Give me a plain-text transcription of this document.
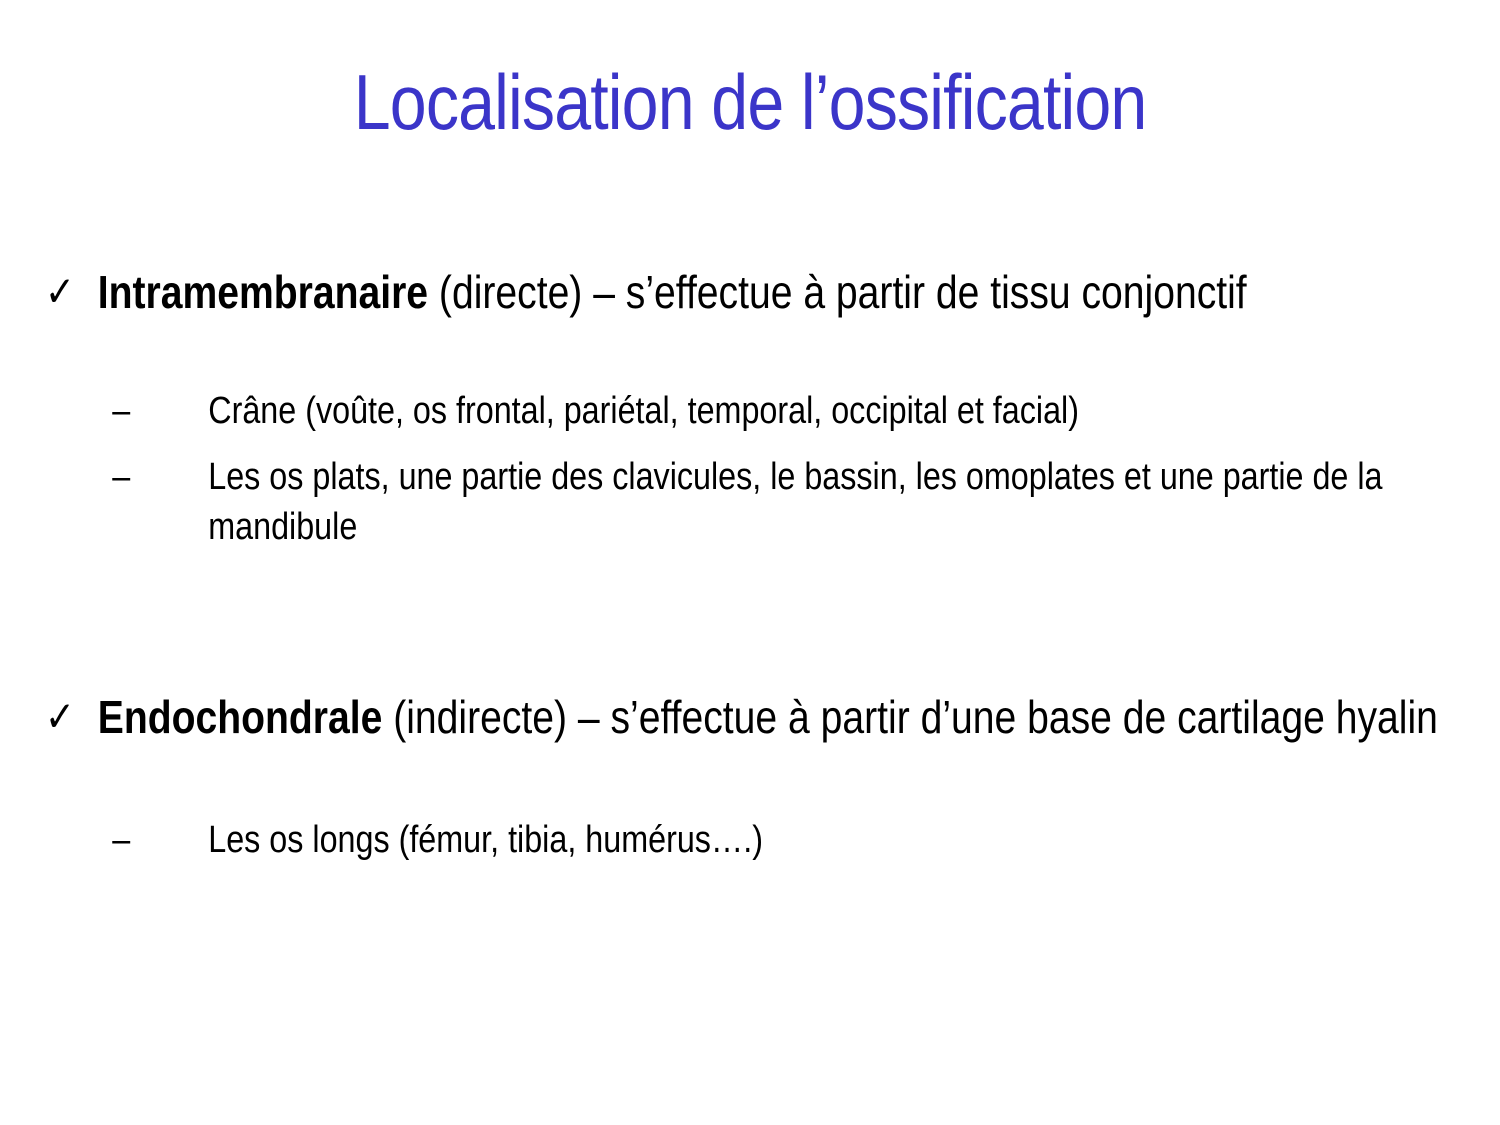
Localisation de l’ossification
✓ Intramembranaire (directe) – s’effectue à partir de tissu conjonctif
–	Crâne (voûte, os frontal, pariétal, temporal, occipital et facial)
–	Les os plats, une partie des clavicules, le bassin, les omoplates et une partie de la mandibule
✓ Endochondrale (indirecte) – s’effectue à partir d’une base de cartilage hyalin
–	Les os longs (fémur, tibia, humérus….)
